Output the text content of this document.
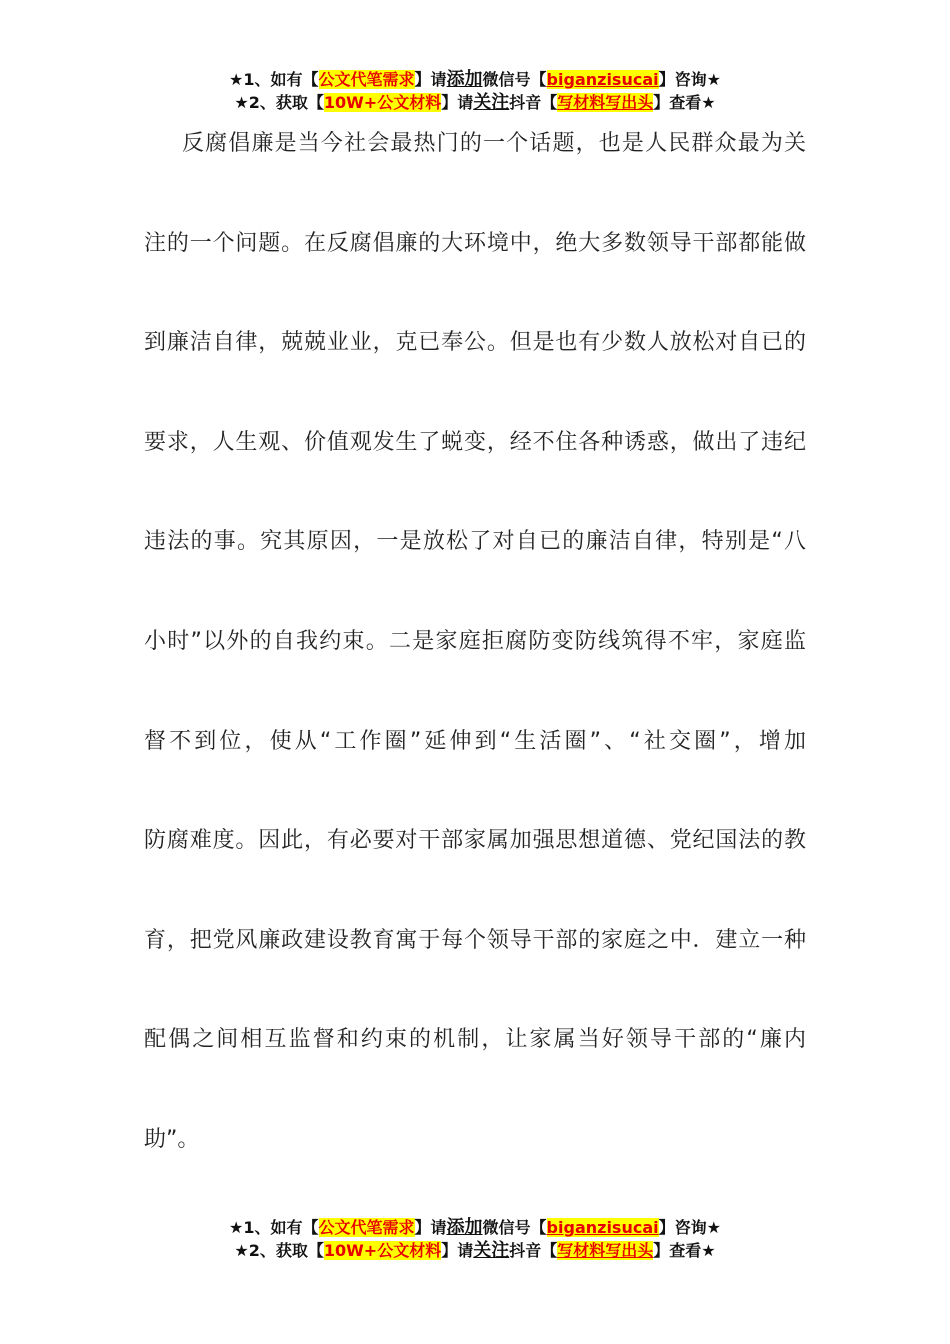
★1、如有【公文代笔需求】请添加微信号【biganzisucai】咨询★
★2、获取【10W+公文材料】请关注抖音【写材料写出头】查看★

反腐倡廉是当今社会最热门的一个话题，也是人民群众最为关
注的一个问题。在反腐倡廉的大环境中，绝大多数领导干部都能做
到廉洁自律，兢兢业业，克已奉公。但是也有少数人放松对自已的
要求，人生观、价值观发生了蜕变，经不住各种诱惑，做出了违纪
违法的事。究其原因，一是放松了对自已的廉洁自律，特别是“八
小时”以外的自我约束。二是家庭拒腐防变防线筑得不牢，家庭监
督不到位，使从“工作圈”延伸到“生活圈”、“社交圈”，增加
防腐难度。因此，有必要对干部家属加强思想道德、党纪国法的教
育，把党风廉政建设教育寓于每个领导干部的家庭之中．建立一种
配偶之间相互监督和约束的机制，让家属当好领导干部的“廉内
助”。

★1、如有【公文代笔需求】请添加微信号【biganzisucai】咨询★
★2、获取【10W+公文材料】请关注抖音【写材料写出头】查看★
